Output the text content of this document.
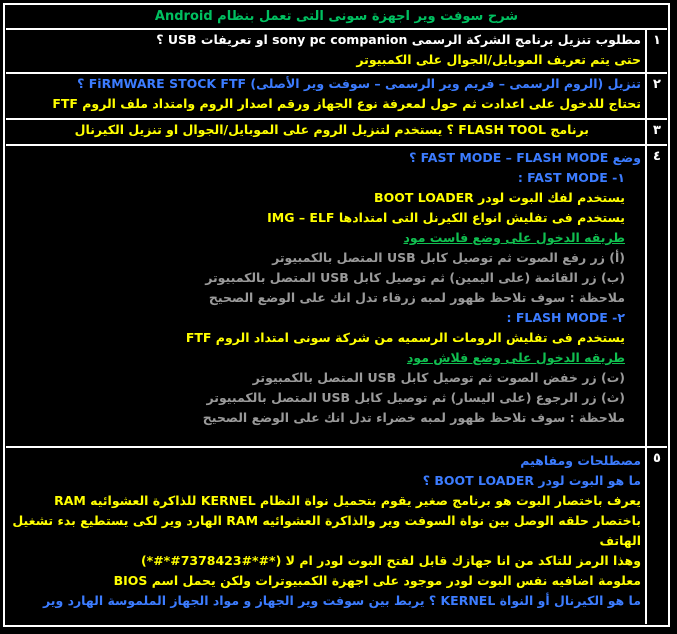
شرح سوفت وير اجهزة سونى التى تعمل بنظام Android
١
مطلوب تنزيل برنامج الشركة الرسمى sony pc companion او تعريفات USB ؟
حتى يتم تعريف الموبايل/الجوال على الكمبيوتر
٢
تنزيل (الروم الرسمى – فريم وير الرسمى – سوفت وير الأصلى) FiRMWARE STOCK FTF ؟
تحتاج للدخول على اعدادت ثم حول لمعرفة نوع الجهاز ورقم اصدار الروم وامتداد ملف الروم FTF
٣
برنامج FLASH TOOL ؟ يستخدم لتنزيل الروم على الموبايل/الجوال او تنزيل الكيرنال
٤
وضع FAST MODE – FLASH MODE ؟
١- FAST MODE :
يستخدم لفك البوت لودر BOOT LOADER
يستخدم فى تفليش انواع الكيرنل التى امتدادها IMG – ELF
طريقه الدخول على وضع فاست مود
(أ) زر رفع الصوت ثم توصيل كابل USB المتصل بالكمبيوتر
(ب) زر القائمة (على اليمين) ثم توصيل كابل USB المتصل بالكمبيوتر
ملاحظة : سوف تلاحظ ظهور لمبه زرقاء تدل انك على الوضع الصحيح
٢- FLASH MODE :
يستخدم فى تفليش الرومات الرسميه من شركة سونى امتداد الروم FTF
طريقه الدخول على وضع فلاش مود
(ت) زر خفض الصوت ثم توصيل كابل USB المتصل بالكمبيوتر
(ث) زر الرجوع (على اليسار) ثم توصيل كابل USB المتصل بالكمبيوتر
ملاحظة : سوف تلاحظ ظهور لمبه خضراء تدل انك على الوضع الصحيح
٥
مصطلحات ومفاهيم
ما هو البوت لودر BOOT LOADER ؟
يعرف باختصار البوت هو برنامج صغير يقوم بتحميل نواة النظام KERNEL للذاكرة العشوائيه RAM
باختصار حلقه الوصل بين نواة السوفت وير والذاكرة العشوائيه RAM الهارد وير لكى يستطيع بدء تشغيل
الهاتف
وهذا الرمز للتاكد من انا جهازك قابل لفتح البوت لودر ام لا (*#*#7378423#*#*)
معلومة اضافيه نفس البوت لودر موجود على اجهزة الكمبيوترات ولكن يحمل اسم BIOS
ما هو الكيرنال أو النواة KERNEL ؟ يربط بين سوفت وير الجهاز و مواد الجهاز الملموسة الهارد وير
